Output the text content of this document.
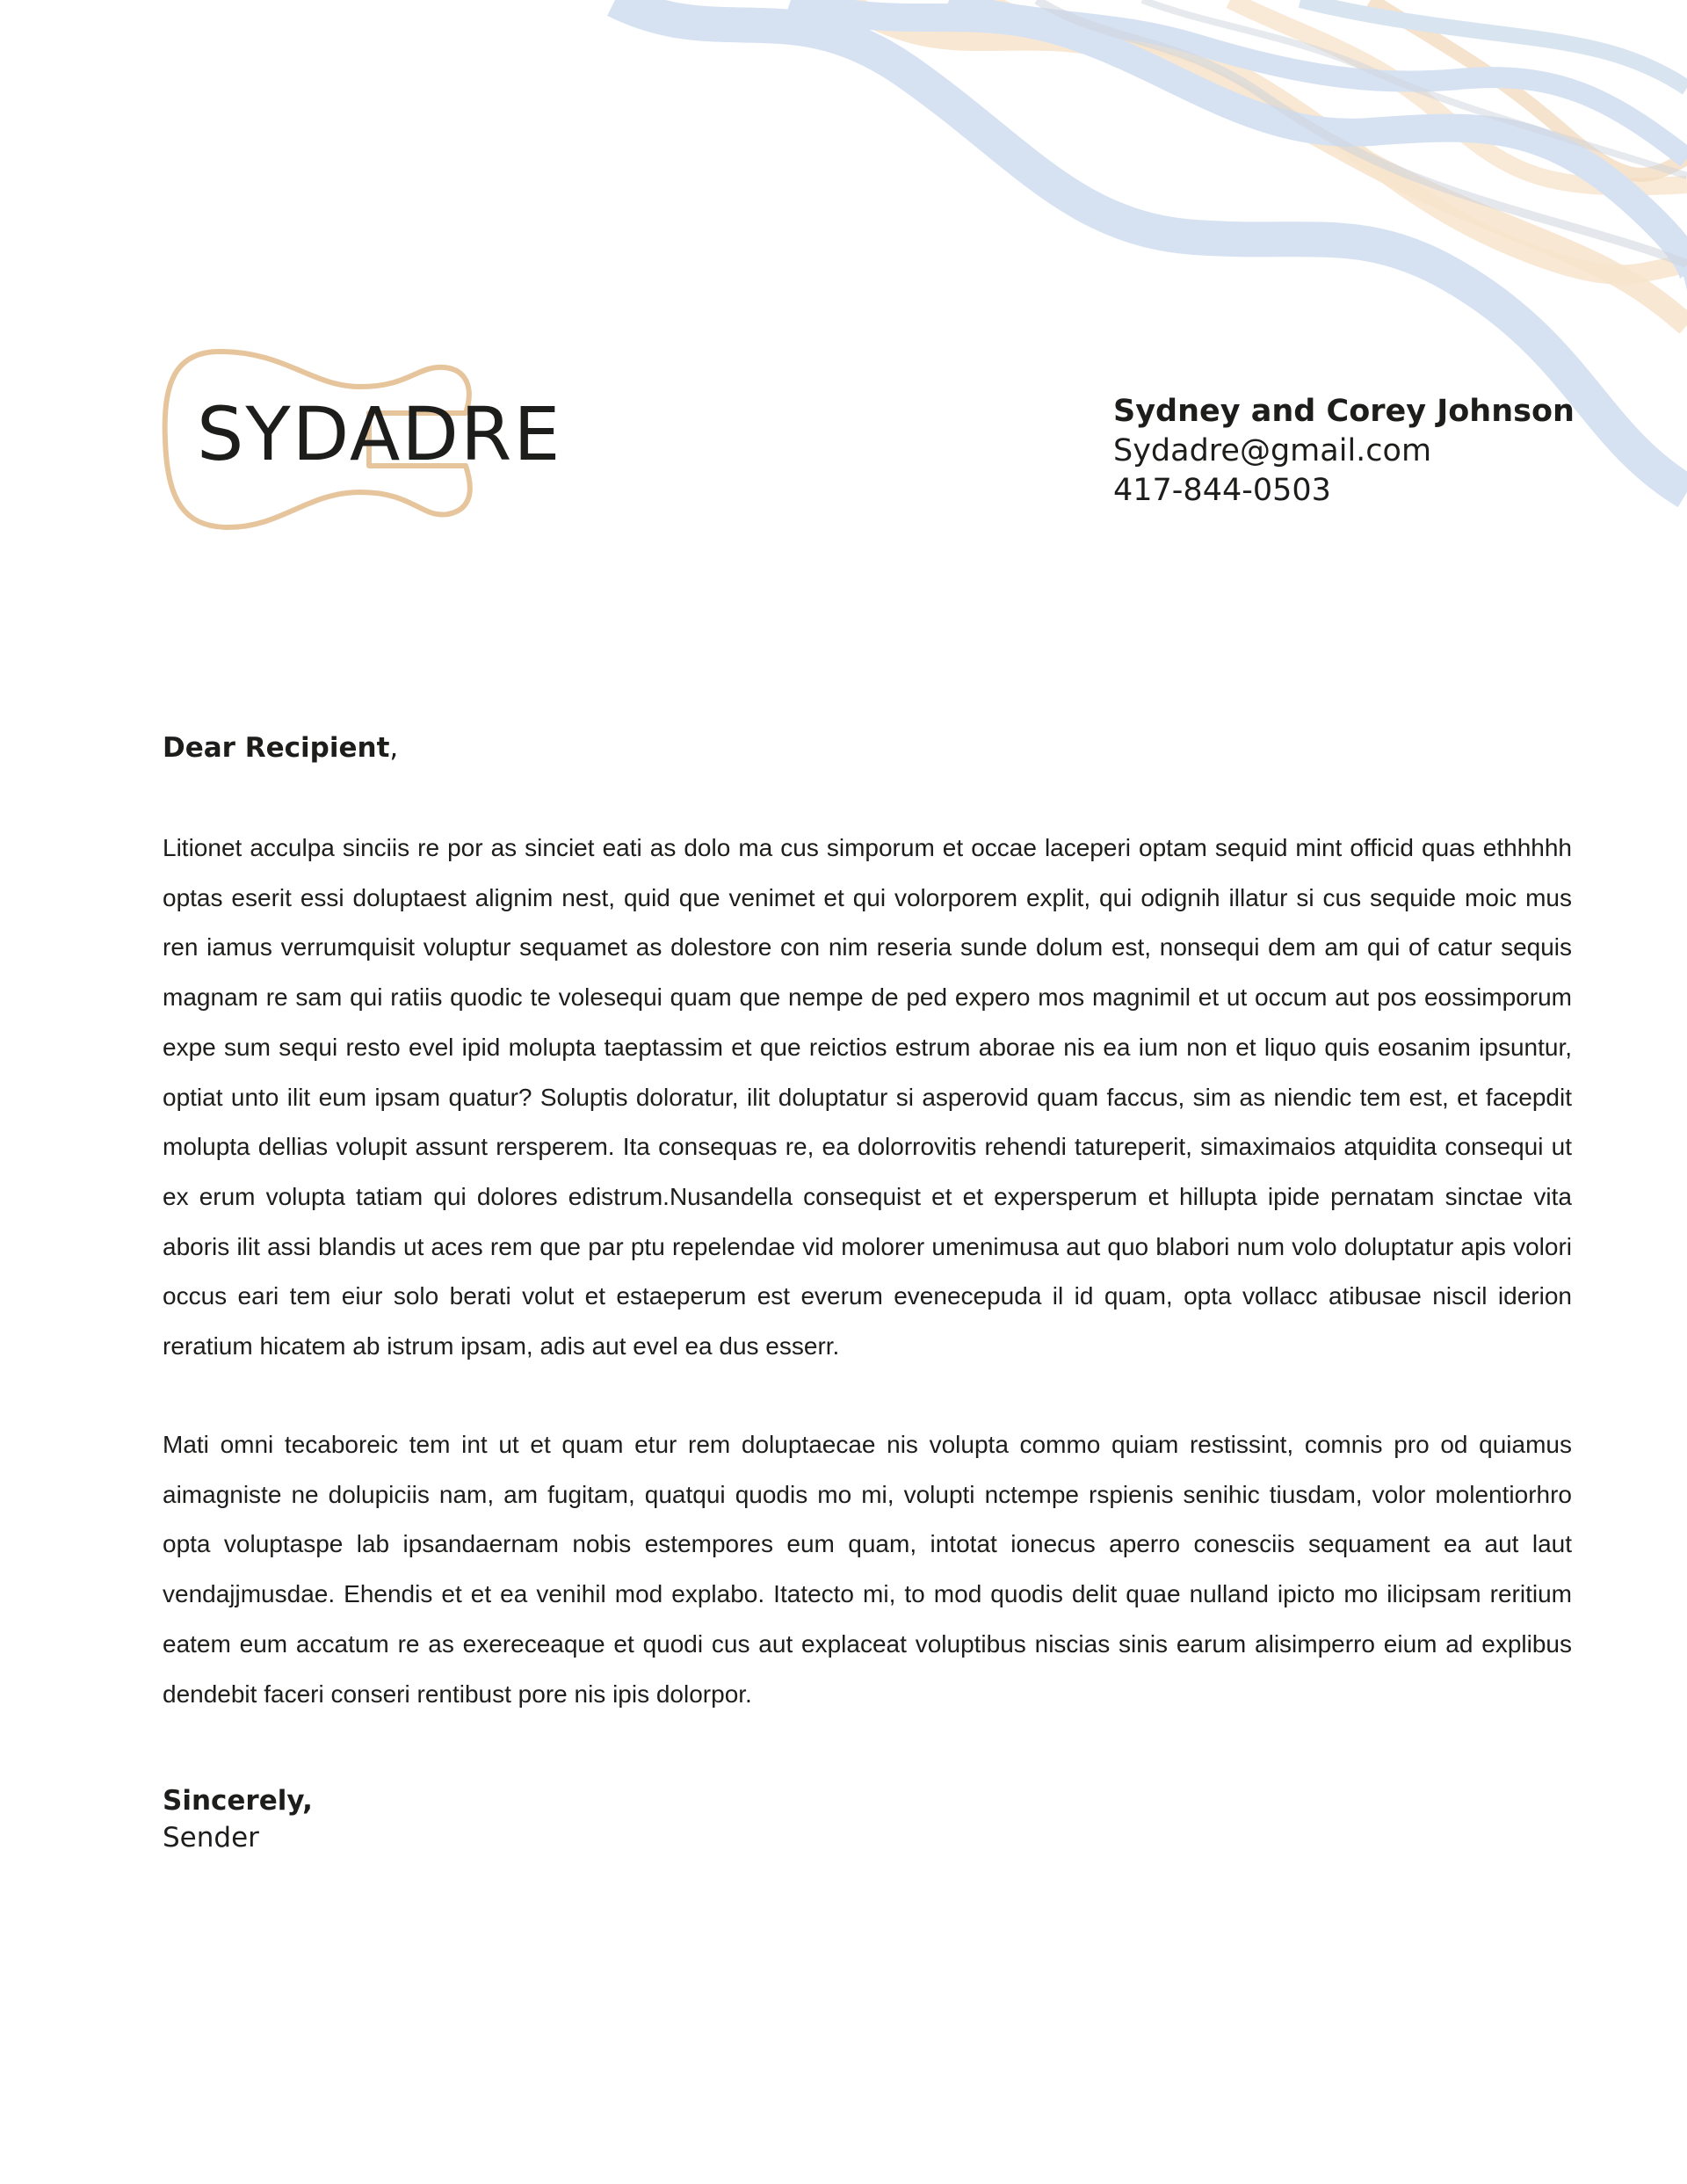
SYDADRE	Sydney and Corey Johnson
Sydadre@gmail.com
417-844-0503
Dear Recipient,

Litionet acculpa sinciis re por as sinciet eati as dolo ma cus simporum et occae laceperi optam sequid mint officid quas ethhhhh optas eserit essi doluptaest alignim nest, quid que venimet et qui volorporem explit, qui odignih illatur si cus sequide moic mus ren iamus verrumquisit voluptur sequamet as dolestore con nim reseria sunde dolum est, nonsequi dem am qui of catur sequis magnam re sam qui ratiis quodic te volesequi quam que nempe de ped expero mos magnimil et ut occum aut pos eossimporum expe sum sequi resto evel ipid molupta taeptassim et que reictios estrum aborae nis ea ium non et liquo quis eosanim ipsuntur, optiat unto ilit eum ipsam quatur? Soluptis doloratur, ilit doluptatur si asperovid quam faccus, sim as niendic tem est, et facepdit molupta dellias volupit assunt rersperem. Ita consequas re, ea dolorrovitis rehendi tatureperit, simaximaios atquidita consequi ut ex erum volupta tatiam qui dolores edistrum.Nusandella consequist et et expersperum et hillupta ipide pernatam sinctae vita aboris ilit assi blandis ut aces rem que par ptu repelendae vid molorer umenimusa aut quo blabori num volo doluptatur apis volori occus eari tem eiur solo berati volut et estaeperum est everum evenecepuda il id quam, opta vollacc atibusae niscil iderion reratium hicatem ab istrum ipsam, adis aut evel ea dus esserr.

Mati omni tecaboreic tem int ut et quam etur rem doluptaecae nis volupta commo quiam restissint, comnis pro od quiamus aimagniste ne dolupiciis nam, am fugitam, quatqui quodis mo mi, volupti nctempe rspienis senihic tiusdam, volor molentiorhro opta voluptaspe lab ipsandaernam nobis estempores eum quam, intotat ionecus aperro conesciis sequament ea aut laut vendajjmusdae. Ehendis et et ea venihil mod explabo. Itatecto mi, to mod quodis delit quae nulland ipicto mo ilicipsam reritium eatem eum accatum re as exereceaque et quodi cus aut explaceat voluptibus niscias sinis earum alisimperro eium ad explibus dendebit faceri conseri rentibust pore nis ipis dolorpor.

Sincerely,
Sender
